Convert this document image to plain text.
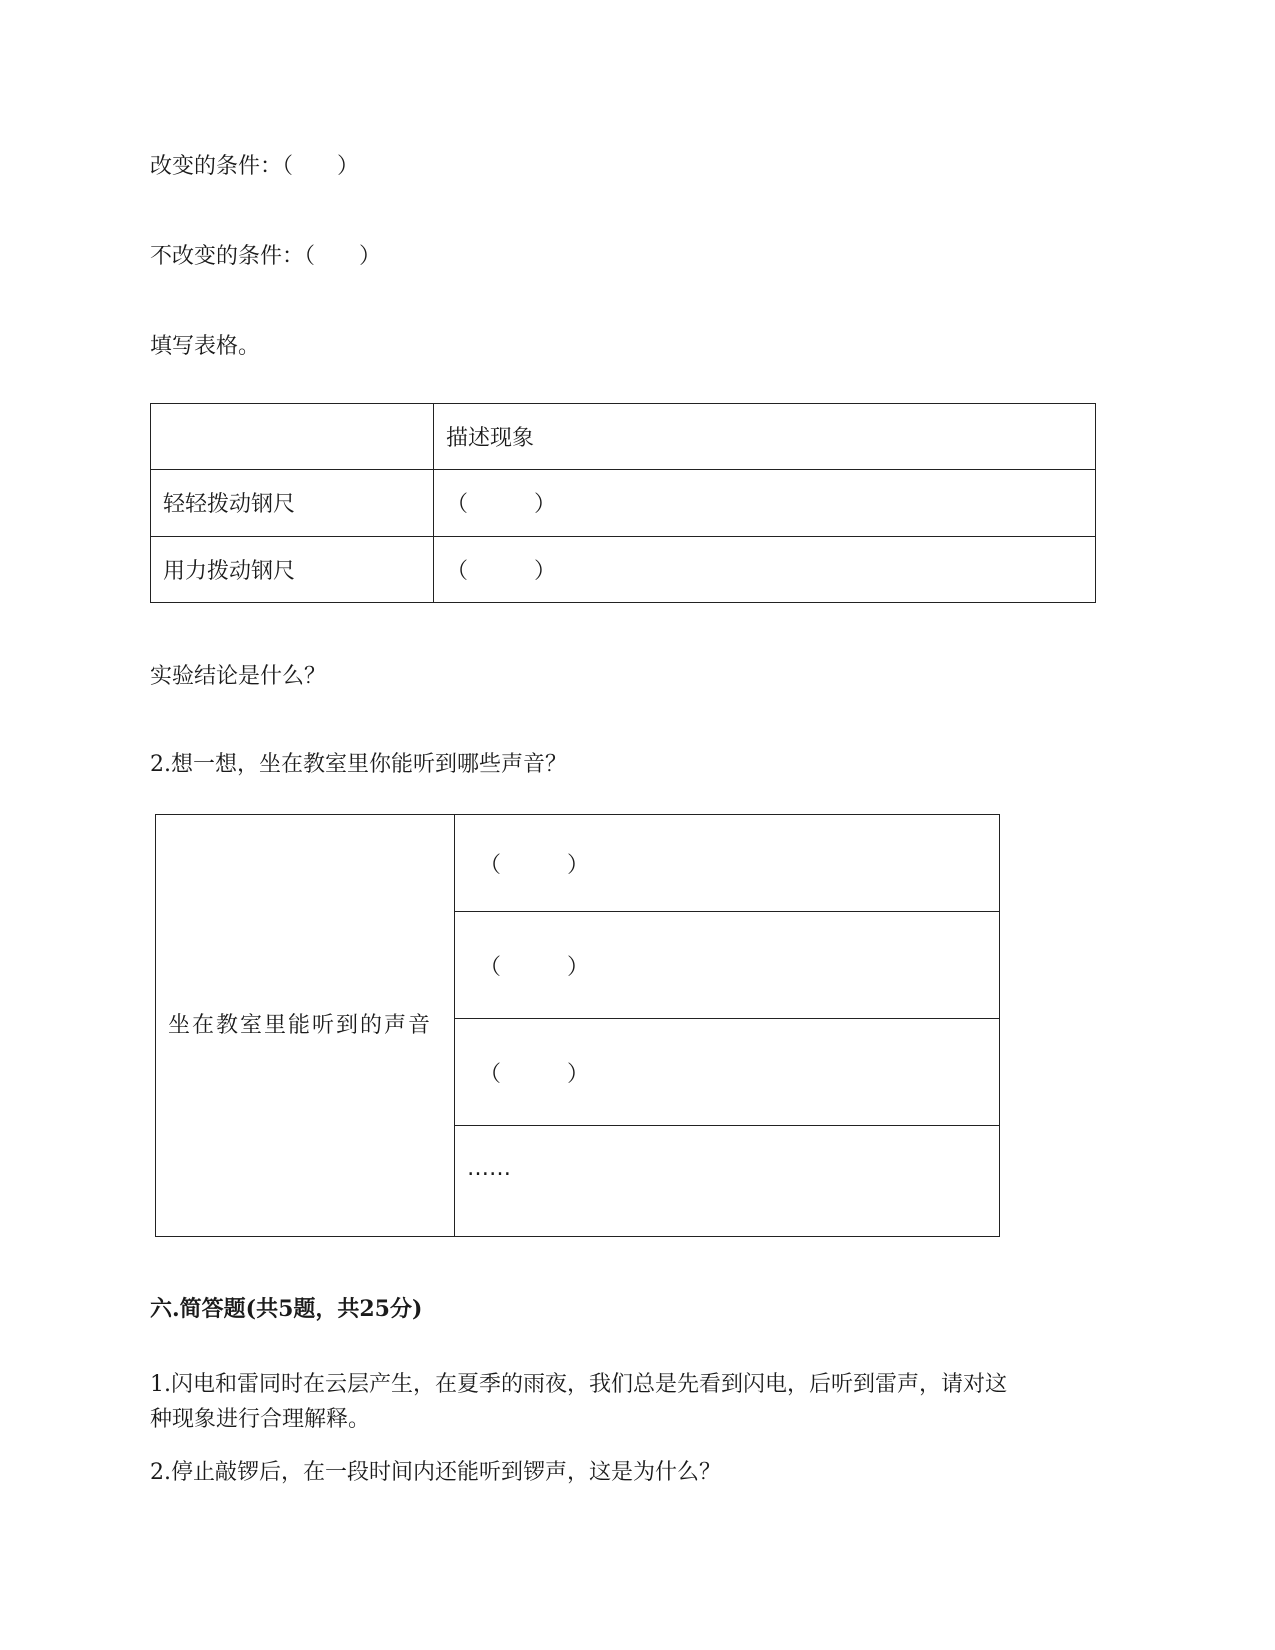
改变的条件：（　　）
不改变的条件：（　　）
填写表格。
	描述现象
轻轻拨动钢尺	（　　　）
用力拨动钢尺	（　　　）
实验结论是什么？
2.想一想，坐在教室里你能听到哪些声音？
坐在教室里能听到的声音	（　　　）
（　　　）
（　　　）
……
六.简答题(共5题，共25分)
1.闪电和雷同时在云层产生，在夏季的雨夜，我们总是先看到闪电，后听到雷声，请对这
种现象进行合理解释。
2.停止敲锣后，在一段时间内还能听到锣声，这是为什么？
